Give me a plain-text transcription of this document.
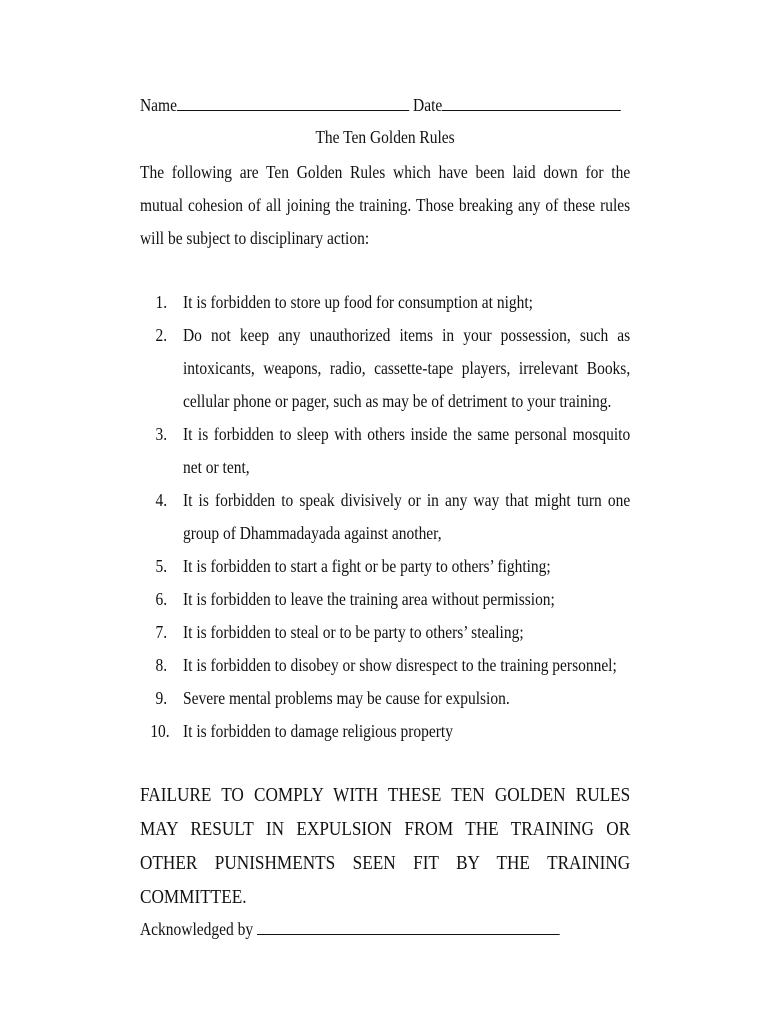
Name	Date
The Ten Golden Rules
The following are Ten Golden Rules which have been laid down for the mutual cohesion of all joining the training. Those breaking any of these rules will be subject to disciplinary action:
1. It is forbidden to store up food for consumption at night;
2. Do not keep any unauthorized items in your possession, such as intoxicants, weapons, radio, cassette-tape players, irrelevant Books, cellular phone or pager, such as may be of detriment to your training.
3. It is forbidden to sleep with others inside the same personal mosquito net or tent,
4. It is forbidden to speak divisively or in any way that might turn one group of Dhammadayada against another,
5. It is forbidden to start a fight or be party to others’ fighting;
6. It is forbidden to leave the training area without permission;
7. It is forbidden to steal or to be party to others’ stealing;
8. It is forbidden to disobey or show disrespect to the training personnel;
9. Severe mental problems may be cause for expulsion.
10. It is forbidden to damage religious property
FAILURE TO COMPLY WITH THESE TEN GOLDEN RULES MAY RESULT IN EXPULSION FROM THE TRAINING OR OTHER PUNISHMENTS SEEN FIT BY THE TRAINING COMMITTEE.
Acknowledged by
